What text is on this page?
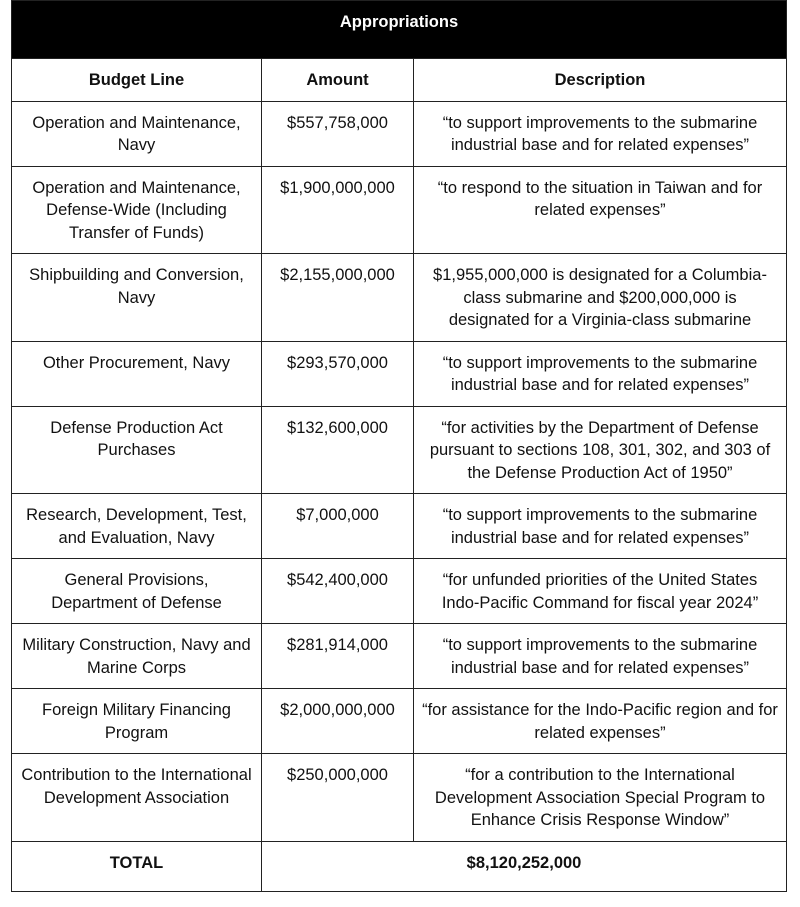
Appropriations		
Budget Line	Amount	Description
Operation and Maintenance, Navy	$557,758,000	“to support improvements to the submarine industrial base and for related expenses”
Operation and Maintenance, Defense-Wide (Including Transfer of Funds)	$1,900,000,000	“to respond to the situation in Taiwan and for related expenses”
Shipbuilding and Conversion, Navy	$2,155,000,000	$1,955,000,000 is designated for a Columbia-class submarine and $200,000,000 is designated for a Virginia-class submarine
Other Procurement, Navy	$293,570,000	“to support improvements to the submarine industrial base and for related expenses”
Defense Production Act Purchases	$132,600,000	“for activities by the Department of Defense pursuant to sections 108, 301, 302, and 303 of the Defense Production Act of 1950”
Research, Development, Test, and Evaluation, Navy	$7,000,000	“to support improvements to the submarine industrial base and for related expenses”
General Provisions, Department of Defense	$542,400,000	“for unfunded priorities of the United States Indo-Pacific Command for fiscal year 2024”
Military Construction, Navy and Marine Corps	$281,914,000	“to support improvements to the submarine industrial base and for related expenses”
Foreign Military Financing Program	$2,000,000,000	“for assistance for the Indo-Pacific region and for related expenses”
Contribution to the International Development Association	$250,000,000	“for a contribution to the International Development Association Special Program to Enhance Crisis Response Window”
TOTAL	$8,120,252,000	
